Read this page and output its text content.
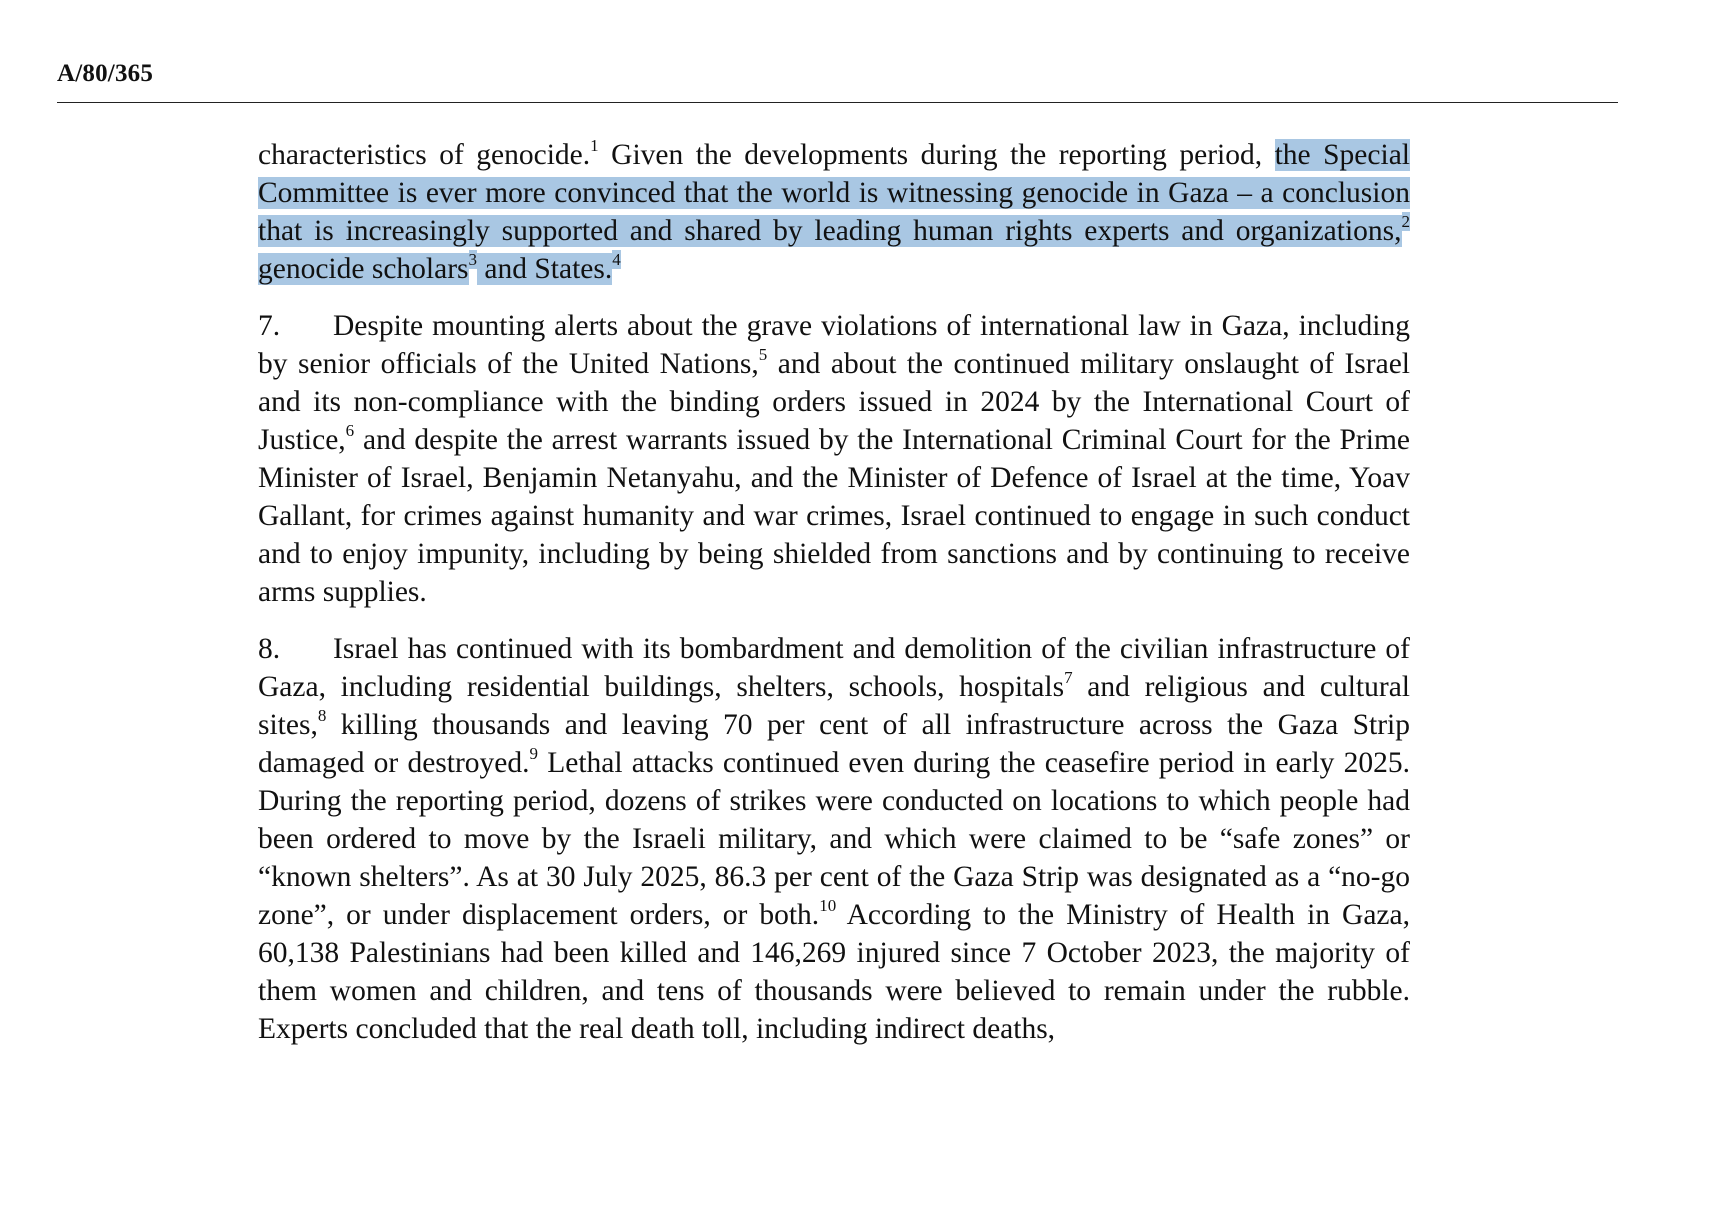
A/80/365

characteristics of genocide.$^1$ Given the developments during the reporting period, the Special Committee is ever more convinced that the world is witnessing genocide in Gaza – a conclusion that is increasingly supported and shared by leading human rights experts and organizations,$^2$ genocide scholars$^3$ and States.$^4$

7. Despite mounting alerts about the grave violations of international law in Gaza, including by senior officials of the United Nations,$^5$ and about the continued military onslaught of Israel and its non-compliance with the binding orders issued in 2024 by the International Court of Justice,$^6$ and despite the arrest warrants issued by the International Criminal Court for the Prime Minister of Israel, Benjamin Netanyahu, and the Minister of Defence of Israel at the time, Yoav Gallant, for crimes against humanity and war crimes, Israel continued to engage in such conduct and to enjoy impunity, including by being shielded from sanctions and by continuing to receive arms supplies.

8. Israel has continued with its bombardment and demolition of the civilian infrastructure of Gaza, including residential buildings, shelters, schools, hospitals$^7$ and religious and cultural sites,$^8$ killing thousands and leaving 70 per cent of all infrastructure across the Gaza Strip damaged or destroyed.$^9$ Lethal attacks continued even during the ceasefire period in early 2025. During the reporting period, dozens of strikes were conducted on locations to which people had been ordered to move by the Israeli military, and which were claimed to be “safe zones” or “known shelters”. As at 30 July 2025, 86.3 per cent of the Gaza Strip was designated as a “no-go zone”, or under displacement orders, or both.$^{10}$ According to the Ministry of Health in Gaza, 60,138 Palestinians had been killed and 146,269 injured since 7 October 2023, the majority of them women and children, and tens of thousands were believed to remain under the rubble. Experts concluded that the real death toll, including indirect deaths,
